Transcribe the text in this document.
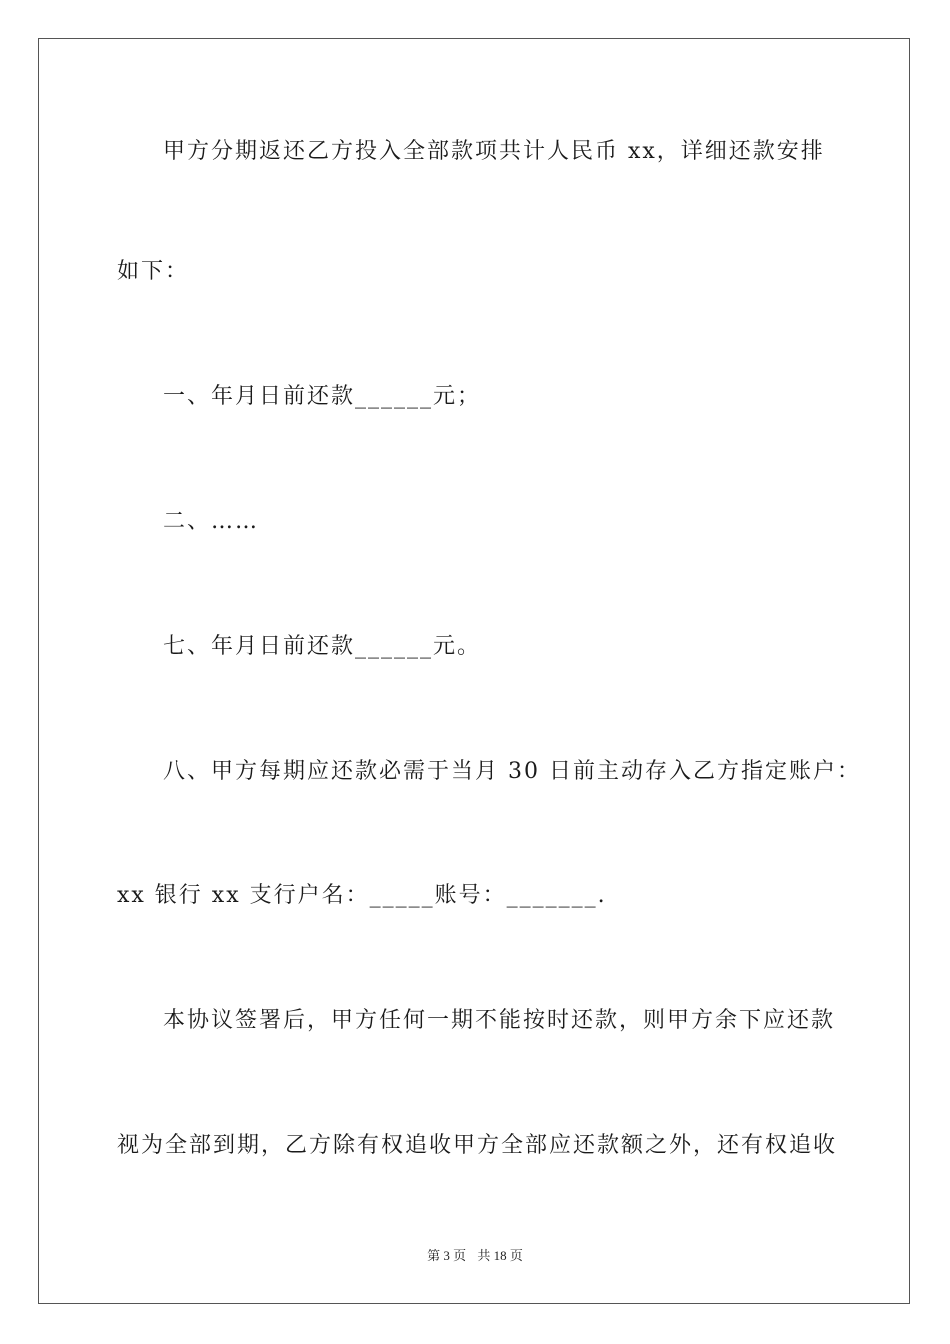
甲方分期返还乙方投入全部款项共计人民币 xx，详细还款安排
如下：
一、年月日前还款______元；
二、……
七、年月日前还款______元。
八、甲方每期应还款必需于当月 30 日前主动存入乙方指定账户：
xx 银行 xx 支行户名：_____账号：_______.
本协议签署后，甲方任何一期不能按时还款，则甲方余下应还款
视为全部到期，乙方除有权追收甲方全部应还款额之外，还有权追收
第 3 页 共 18 页
